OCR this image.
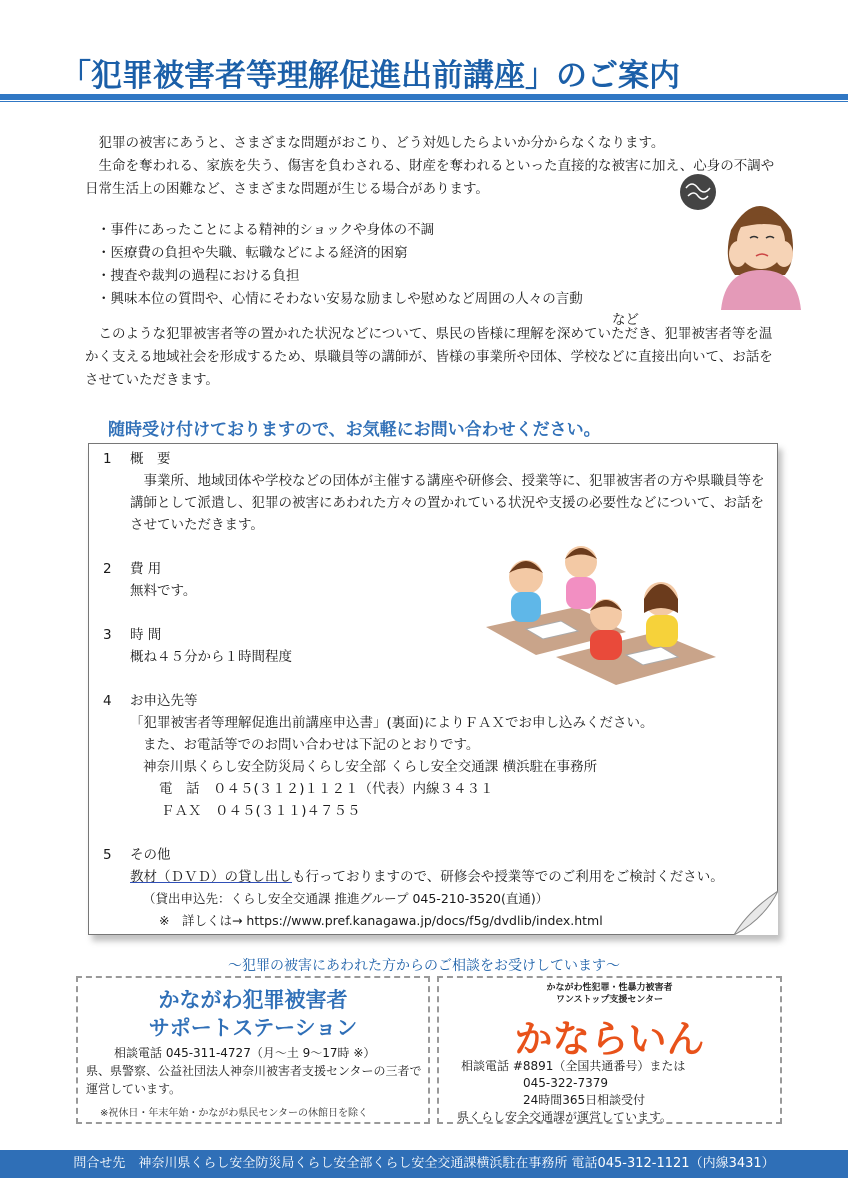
「犯罪被害者等理解促進出前講座」のご案内

犯罪の被害にあうと、さまざまな問題がおこり、どう対処したらよいか分からなくなります。

生命を奪われる、家族を失う、傷害を負わされる、財産を奪われるといった直接的な被害に加え、心身の不調や日常生活上の困難など、さまざまな問題が生じる場合があります。

・事件にあったことによる精神的ショックや身体の不調
・医療費の負担や失職、転職などによる経済的困窮
・捜査や裁判の過程における負担
・興味本位の質問や、心情にそわない安易な励ましや慰めなど周囲の人々の言動
など

このような犯罪被害者等の置かれた状況などについて、県民の皆様に理解を深めていただき、犯罪被害者等を温かく支える地域社会を形成するため、県職員等の講師が、皆様の事業所や団体、学校などに直接出向いて、お話をさせていただきます。

随時受け付けておりますので、お気軽にお問い合わせください。
1	概　要
事業所、地域団体や学校などの団体が主催する講座や研修会、授業等に、犯罪被害者の方や県職員等を講師として派遣し、犯罪の被害にあわれた方々の置かれている状況や支援の必要性などについて、お話をさせていただきます。
2	費 用
無料です。
3	時 間
概ね４５分から１時間程度
4	お申込先等
「犯罪被害者等理解促進出前講座申込書」(裏面)によりＦＡＸでお申し込みください。
また、お電話等でのお問い合わせは下記のとおりです。
神奈川県くらし安全防災局くらし安全部 くらし安全交通課 横浜駐在事務所
電　話　０４５(３１２)１１２１（代表）内線３４３１
ＦＡＸ　０４５(３１１)４７５５
5	その他
教材（ＤＶＤ）の貸し出しも行っておりますので、研修会や授業等でのご利用をご検討ください。
（貸出申込先：くらし安全交通課 推進グループ 045-210-3520(直通)）
※　詳しくは→ https://www.pref.kanagawa.jp/docs/f5g/dvdlib/index.html
～犯罪の被害にあわれた方からのご相談をお受けしています～
かながわ犯罪被害者
サポートステーション
相談電話 045-311-4727（月～土 9～17時 ※）
県、県警察、公益社団法人神奈川被害者支援センターの三者で運営しています。
※祝休日・年末年始・かながわ県民センターの休館日を除く
かながわ性犯罪・性暴力被害者
ワンストップ支援センター
かならいん
相談電話 #8891（全国共通番号）または
045-322-7379
24時間365日相談受付
県くらし安全交通課が運営しています。
問合せ先　神奈川県くらし安全防災局くらし安全部くらし安全交通課横浜駐在事務所 電話045-312-1121（内線3431）
